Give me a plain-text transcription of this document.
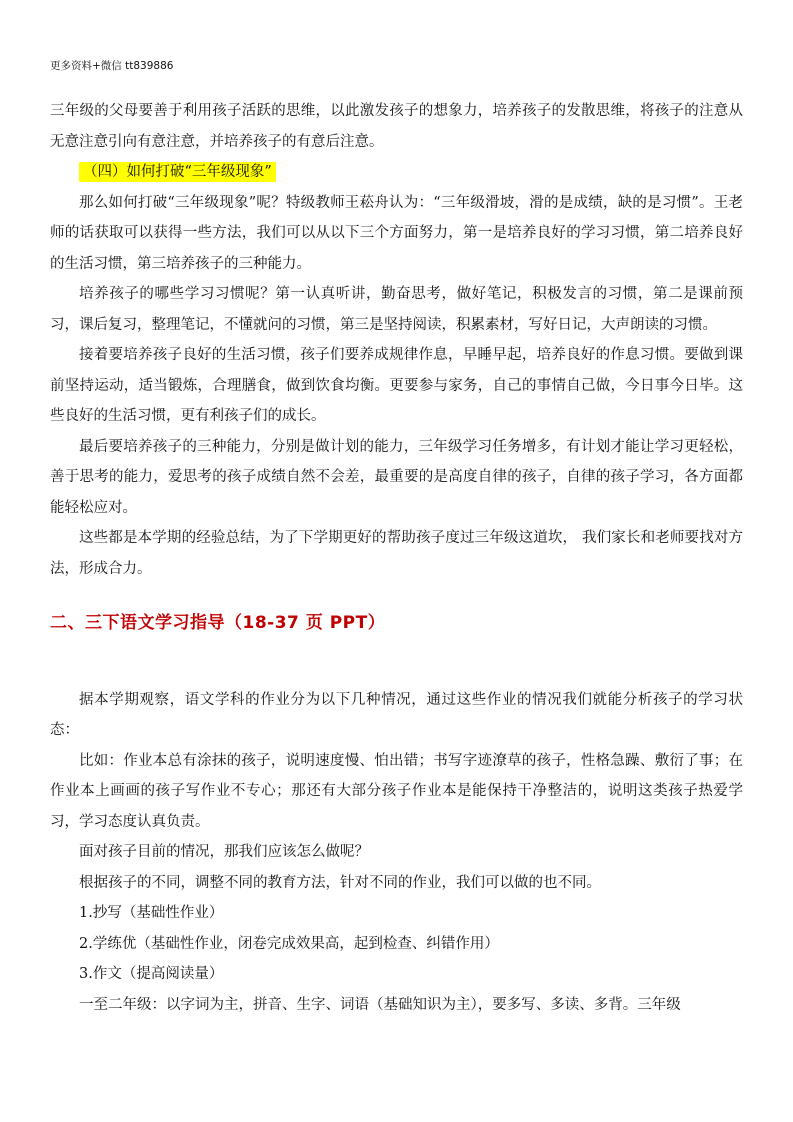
更多资料+微信 tt839886

三年级的父母要善于利用孩子活跃的思维，以此激发孩子的想象力，培养孩子的发散思维，将孩子的注意从无意注意引向有意注意，并培养孩子的有意后注意。

（四）如何打破“三年级现象”

那么如何打破“三年级现象”呢？特级教师王菘舟认为：“三年级滑坡，滑的是成绩，缺的是习惯”。王老师的话获取可以获得一些方法，我们可以从以下三个方面努力，第一是培养良好的学习习惯，第二培养良好的生活习惯，第三培养孩子的三种能力。

培养孩子的哪些学习习惯呢？第一认真听讲，勤奋思考，做好笔记，积极发言的习惯，第二是课前预习，课后复习，整理笔记，不懂就问的习惯，第三是坚持阅读，积累素材，写好日记，大声朗读的习惯。

接着要培养孩子良好的生活习惯，孩子们要养成规律作息，早睡早起，培养良好的作息习惯。要做到课前坚持运动，适当锻炼，合理膳食，做到饮食均衡。更要参与家务，自己的事情自己做，今日事今日毕。这些良好的生活习惯，更有利孩子们的成长。

最后要培养孩子的三种能力，分别是做计划的能力，三年级学习任务增多，有计划才能让学习更轻松，善于思考的能力，爱思考的孩子成绩自然不会差，最重要的是高度自律的孩子，自律的孩子学习，各方面都能轻松应对。

这些都是本学期的经验总结，为了下学期更好的帮助孩子度过三年级这道坎， 我们家长和老师要找对方法，形成合力。

二、三下语文学习指导（18-37 页 PPT）

据本学期观察，语文学科的作业分为以下几种情况，通过这些作业的情况我们就能分析孩子的学习状态：

比如：作业本总有涂抹的孩子，说明速度慢、怕出错；书写字迹潦草的孩子，性格急躁、敷衍了事；在作业本上画画的孩子写作业不专心；那还有大部分孩子作业本是能保持干净整洁的，说明这类孩子热爱学习，学习态度认真负责。

面对孩子目前的情况，那我们应该怎么做呢？

根据孩子的不同，调整不同的教育方法，针对不同的作业，我们可以做的也不同。

1.抄写（基础性作业）

2.学练优（基础性作业，闭卷完成效果高，起到检查、纠错作用）

3.作文（提高阅读量）

一至二年级：以字词为主，拼音、生字、词语（基础知识为主），要多写、多读、多背。三年级
